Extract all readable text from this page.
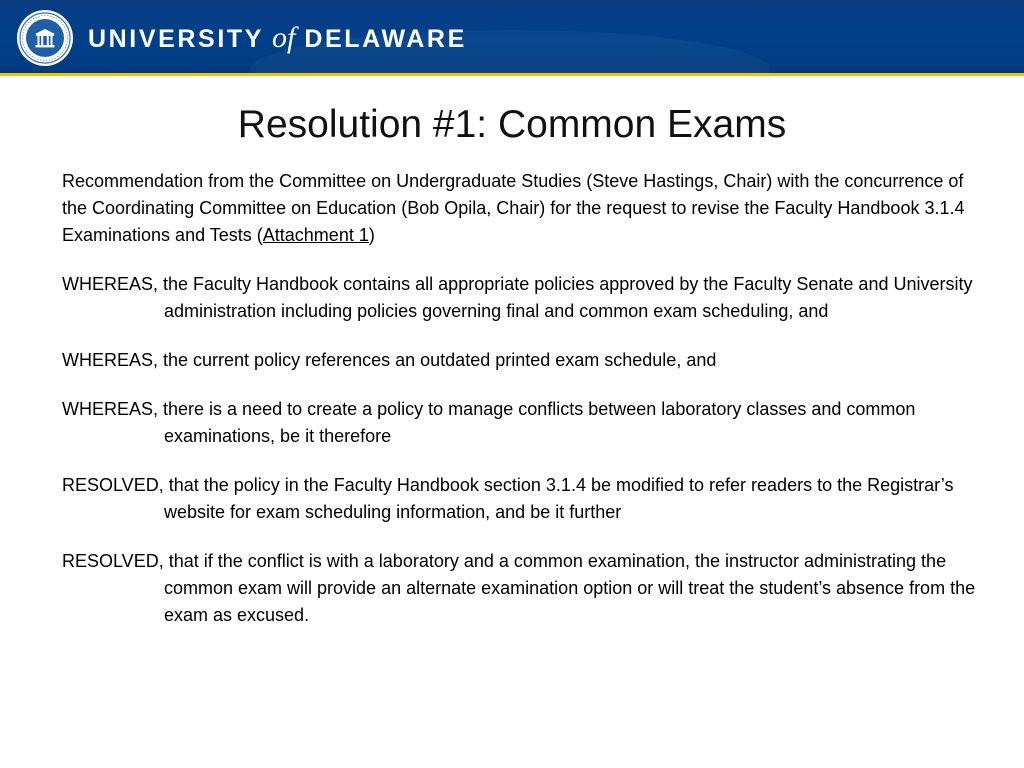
UNIVERSITY of DELAWARE
Resolution #1: Common Exams

Recommendation from the Committee on Undergraduate Studies (Steve Hastings, Chair) with the concurrence of the Coordinating Committee on Education (Bob Opila, Chair) for the request to revise the Faculty Handbook 3.1.4 Examinations and Tests (Attachment 1)

WHEREAS, the Faculty Handbook contains all appropriate policies approved by the Faculty Senate and University administration including policies governing final and common exam scheduling, and

WHEREAS, the current policy references an outdated printed exam schedule, and

WHEREAS, there is a need to create a policy to manage conflicts between laboratory classes and common examinations, be it therefore

RESOLVED, that the policy in the Faculty Handbook section 3.1.4 be modified to refer readers to the Registrar’s website for exam scheduling information, and be it further

RESOLVED, that if the conflict is with a laboratory and a common examination, the instructor administrating the common exam will provide an alternate examination option or will treat the student’s absence from the exam as excused.
